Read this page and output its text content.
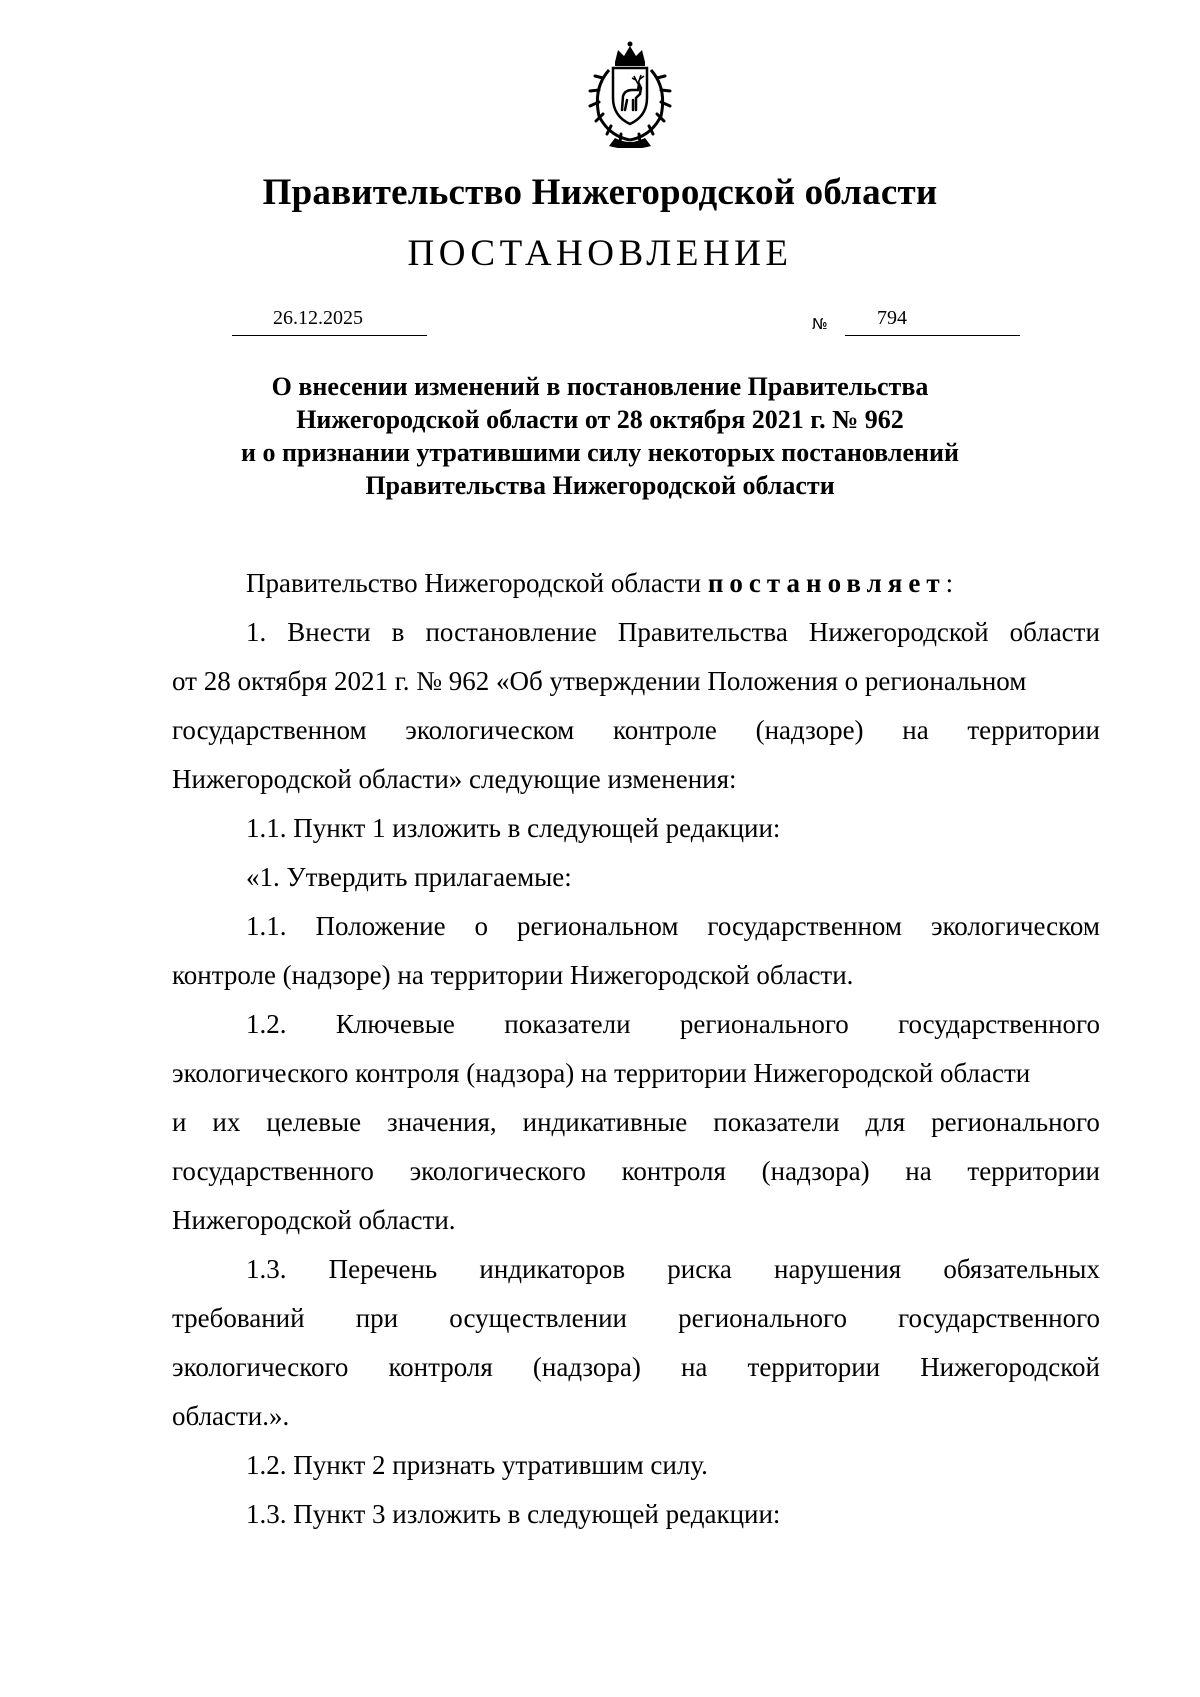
Правительство Нижегородской области
ПОСТАНОВЛЕНИЕ
26.12.2025	№ 794
О внесении изменений в постановление Правительства
Нижегородской области от 28 октября 2021 г. № 962
и о признании утратившими силу некоторых постановлений
Правительства Нижегородской области
Правительство Нижегородской области постановляет:
1. Внести в постановление Правительства Нижегородской области
от 28 октября 2021 г. № 962 «Об утверждении Положения о региональном
государственном экологическом контроле (надзоре) на территории
Нижегородской области» следующие изменения:
1.1. Пункт 1 изложить в следующей редакции:
«1. Утвердить прилагаемые:
1.1. Положение о региональном государственном экологическом
контроле (надзоре) на территории Нижегородской области.
1.2. Ключевые показатели регионального государственного
экологического контроля (надзора) на территории Нижегородской области
и их целевые значения, индикативные показатели для регионального
государственного экологического контроля (надзора) на территории
Нижегородской области.
1.3. Перечень индикаторов риска нарушения обязательных
требований при осуществлении регионального государственного
экологического контроля (надзора) на территории Нижегородской
области.».
1.2. Пункт 2 признать утратившим силу.
1.3. Пункт 3 изложить в следующей редакции:
